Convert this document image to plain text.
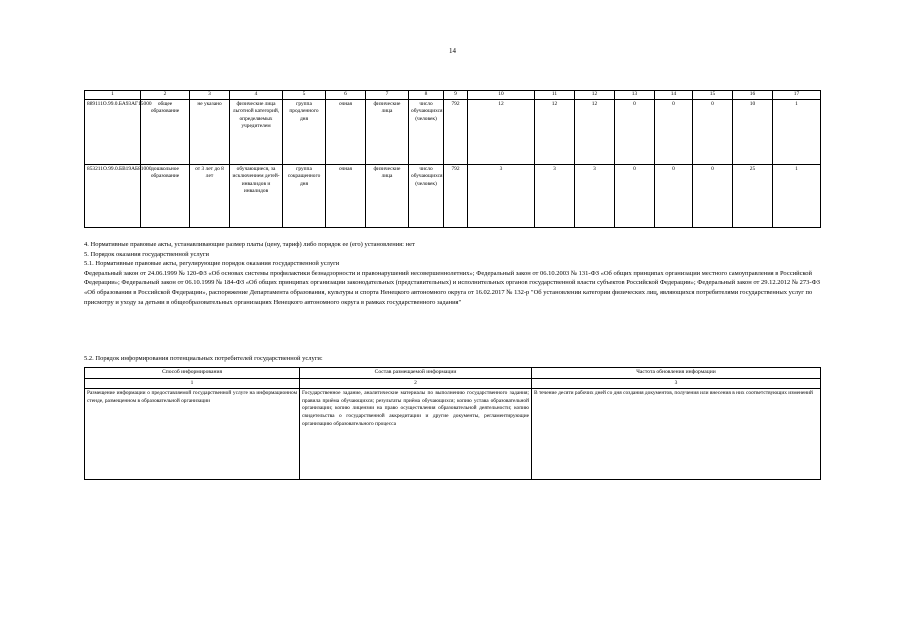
14
1	2	3	4	5	6	7	8	9	10	11	12	13	14	15	16	17
889111О.99.0.БА93АГ15000	общее образование	не указано	физические лица льготной категорий, определяемых учредителем	группа продленного дня	очная	физические лица	число обучающихся (человек)	792	12	12	12	0	0	0	10	1
853211О.99.0.БВ19АБ81000	дошкольное образование	от 3 лет до 8 лет	обучающиеся, за исключением детей-инвалидов и инвалидов	группа сокращенного дня	очная	физические лица	число обучающихся (человек)	792	3	3	3	0	0	0	25	1

4. Нормативные правовые акты, устанавливающие размер платы (цену, тариф) либо порядок ее (его) установления: нет

5. Порядок оказания государственной услуги

5.1. Нормативные правовые акты, регулирующие порядок оказания государственной услуги

Федеральный закон от 24.06.1999 № 120-ФЗ «Об основах системы профилактики безнадзорности и правонарушений несовершеннолетних»; Федеральный закон от 06.10.2003 № 131-ФЗ «Об общих принципах организации местного самоуправления в Российской Федерации»; Федеральный закон от 06.10.1999 № 184-ФЗ «Об общих принципах организации законодательных (представительных) и исполнительных органов государственной власти субъектов Российской Федерации»; Федеральный закон от 29.12.2012 № 273-ФЗ «Об образовании в Российской Федерации», распоряжение Департамента образования, культуры и спорта Ненецкого автономного округа от 16.02.2017 № 132-р "Об установлении категории физических лиц, являющихся потребителями государственных услуг по присмотру и уходу за детьми в общеобразовательных организациях Ненецкого автономного округа в рамках государственного задания"

5.2. Порядок информирования потенциальных потребителей государственной услуги:
Способ информирования	Состав размещаемой информации	Частота обновления информации
1	2	3
Размещение информации о предоставляемой государственной услуге на информационном стенде, размещенном в образовательной организации	Государственное задание, аналитические материалы по выполнению государственного задания; правила приёма обучающихся; результаты приёма обучающихся; копию устава образовательной организации; копию лицензии на право осуществления образовательной деятельности; копию свидетельства о государственной аккредитации и другие документы, регламентирующие организацию образовательного процесса	В течение десяти рабочих дней со дня создания документов, получения или внесения в них соответствующих изменений
